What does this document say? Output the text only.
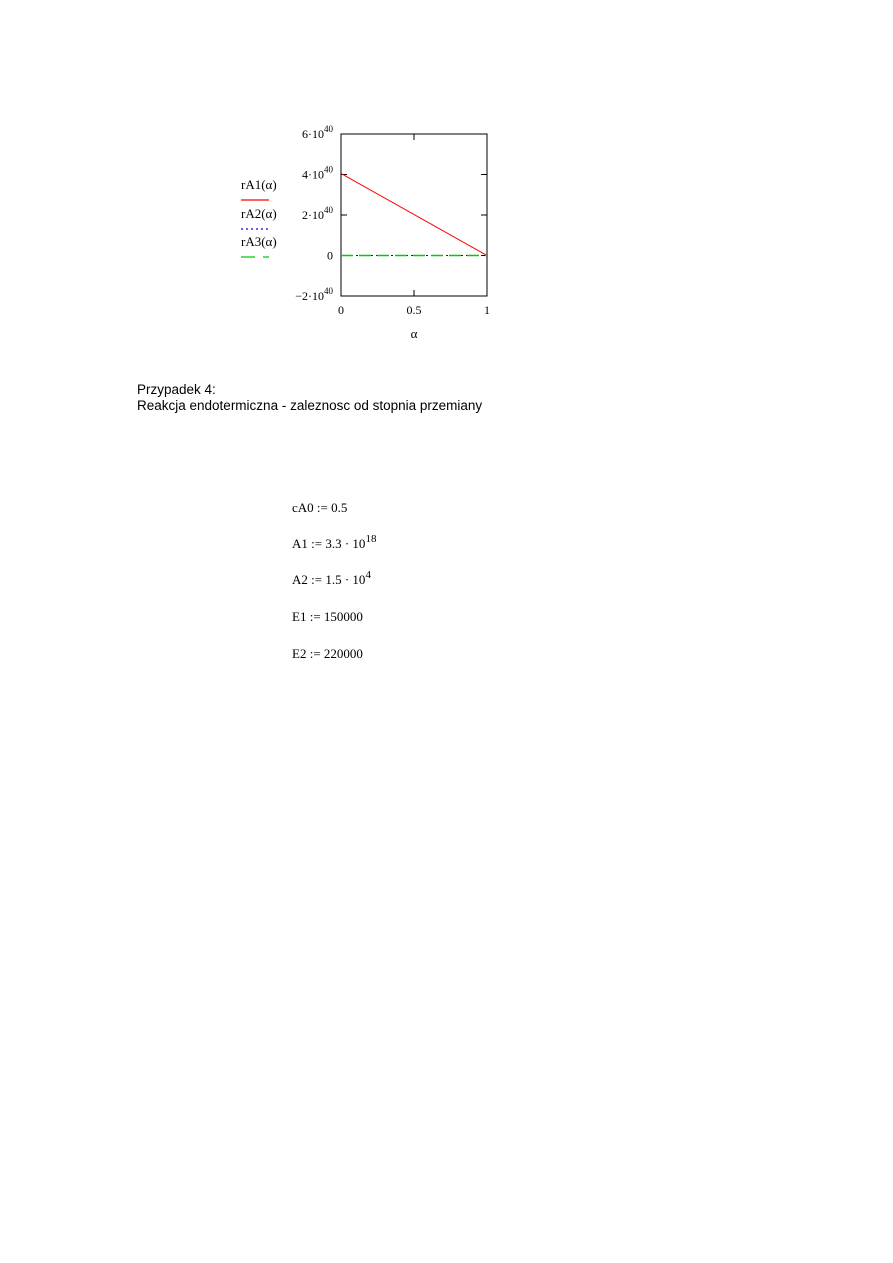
$6\cdot 10^{40}$
$4\cdot 10^{40}$
$2\cdot 10^{40}$
0
$-2\cdot 10^{40}$
0	0.5	1
α
rA1(α)
rA2(α)
rA3(α)
Przypadek 4:
Reakcja endotermiczna - zaleznosc od stopnia przemiany
cA0 := 0.5
A1 := $3.3 \cdot 10^{18}$
A2 := $1.5 \cdot 10^4$
E1 := 150000
E2 := 220000
